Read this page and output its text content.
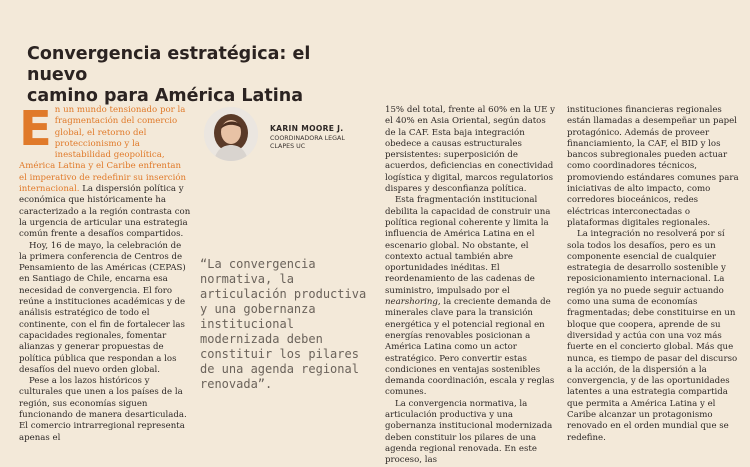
Convergencia estratégica: el nuevo
camino para América Latina

En un mundo tensionado por la fragmentación del comercio global, el retorno del proteccionismo y la inestabilidad geopolítica, América Latina y el Caribe enfrentan el imperativo de redefinir su inserción internacional. La dispersión política y económica que históricamente ha caracterizado a la región contrasta con la urgencia de articular una estrategia común frente a desafíos compartidos.

Hoy, 16 de mayo, la celebración de la primera conferencia de Centros de Pensamiento de las Américas (CEPAS) en Santiago de Chile, encarna esa necesidad de convergencia. El foro reúne a instituciones académicas y de análisis estratégico de todo el continente, con el fin de fortalecer las capacidades regionales, fomentar alianzas y generar propuestas de política pública que respondan a los desafíos del nuevo orden global.

Pese a los lazos históricos y culturales que unen a los países de la región, sus economías siguen funcionando de manera desarticulada. El comercio intrarregional representa apenas el

KARIN MOORE J.

COORDINADORA LEGAL
CLAPES UC

“La convergencia normativa, la articulación productiva y una gobernanza institucional modernizada deben constituir los pilares de una agenda regional renovada”.

15% del total, frente al 60% en la UE y el 40% en Asia Oriental, según datos de la CAF. Esta baja integración obedece a causas estructurales persistentes: superposición de acuerdos, deficiencias en conectividad logística y digital, marcos regulatorios dispares y desconfianza política.

Esta fragmentación institucional debilita la capacidad de construir una política regional coherente y limita la influencia de América Latina en el escenario global. No obstante, el contexto actual también abre oportunidades inéditas. El reordenamiento de las cadenas de suministro, impulsado por el nearshoring, la creciente demanda de minerales clave para la transición energética y el potencial regional en energías renovables posicionan a América Latina como un actor estratégico. Pero convertir estas condiciones en ventajas sostenibles demanda coordinación, escala y reglas comunes.

La convergencia normativa, la articulación productiva y una gobernanza institucional modernizada deben constituir los pilares de una agenda regional renovada. En este proceso, las

instituciones financieras regionales están llamadas a desempeñar un papel protagónico. Además de proveer financiamiento, la CAF, el BID y los bancos subregionales pueden actuar como coordinadores técnicos, promoviendo estándares comunes para iniciativas de alto impacto, como corredores bioceánicos, redes eléctricas interconectadas o plataformas digitales regionales.

La integración no resolverá por sí sola todos los desafíos, pero es un componente esencial de cualquier estrategia de desarrollo sostenible y reposicionamiento internacional. La región ya no puede seguir actuando como una suma de economías fragmentadas; debe constituirse en un bloque que coopera, aprende de su diversidad y actúa con una voz más fuerte en el concierto global. Más que nunca, es tiempo de pasar del discurso a la acción, de la dispersión a la convergencia, y de las oportunidades latentes a una estrategia compartida que permita a América Latina y el Caribe alcanzar un protagonismo renovado en el orden mundial que se redefine.
